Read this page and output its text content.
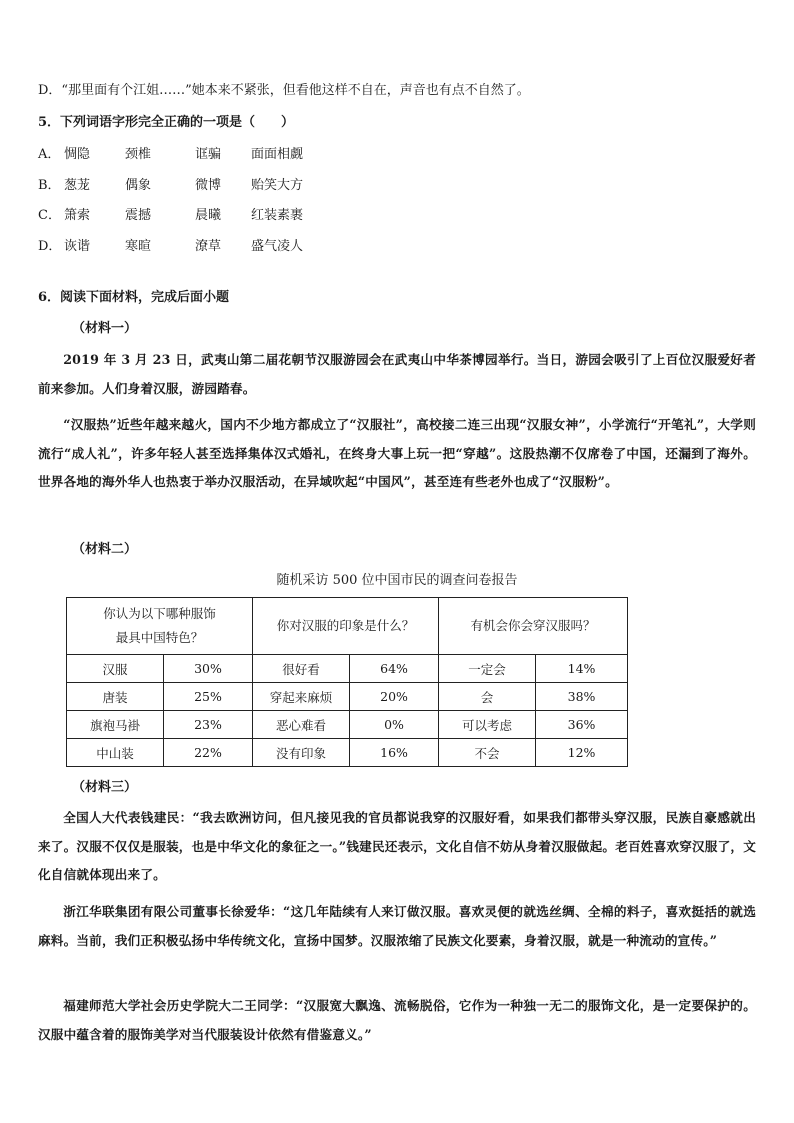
D．“那里面有个江姐……”她本来不紧张，但看他这样不自在，声音也有点不自然了。
5．下列词语字形完全正确的一项是（　　）
A． 惆隐	颈椎	诓骗 面面相觑
B． 葱茏	偶象	微博 贻笑大方
C． 箫索	震撼	晨曦 红装素裹
D． 诙谐	寒暄	潦草 盛气凌人
6．阅读下面材料，完成后面小题
（材料一）
2019 年 3 月 23 日，武夷山第二届花朝节汉服游园会在武夷山中华茶博园举行。当日，游园会吸引了上百位汉服爱好者前来参加。人们身着汉服，游园踏春。
“汉服热”近些年越来越火，国内不少地方都成立了“汉服社”，高校接二连三出现“汉服女神”，小学流行“开笔礼”，大学则流行“成人礼”，许多年轻人甚至选择集体汉式婚礼，在终身大事上玩一把“穿越”。这股热潮不仅席卷了中国，还漏到了海外。世界各地的海外华人也热衷于举办汉服活动，在异域吹起“中国风”，甚至连有些老外也成了“汉服粉”。
（材料二）
随机采访 500 位中国市民的调查问卷报告
你认为以下哪种服饰最具中国特色？		你对汉服的印象是什么？		有机会你会穿汉服吗？	
汉服	30%	很好看	64%	一定会	14%
唐装	25%	穿起来麻烦	20%	会	38%
旗袍马褂	23%	恶心难看	0%	可以考虑	36%
中山装	22%	没有印象	16%	不会	12%
（材料三）
全国人大代表钱建民：“我去欧洲访问，但凡接见我的官员都说我穿的汉服好看，如果我们都带头穿汉服，民族自豪感就出来了。汉服不仅仅是服装，也是中华文化的象征之一。”钱建民还表示，文化自信不妨从身着汉服做起。老百姓喜欢穿汉服了，文化自信就体现出来了。
浙江华联集团有限公司董事长徐爱华：“这几年陆续有人来订做汉服。喜欢灵便的就选丝绸、全棉的料子，喜欢挺括的就选麻料。当前，我们正积极弘扬中华传统文化，宣扬中国梦。汉服浓缩了民族文化要素，身着汉服，就是一种流动的宣传。”
福建师范大学社会历史学院大二王同学：“汉服宽大飘逸、流畅脱俗，它作为一种独一无二的服饰文化，是一定要保护的。汉服中蕴含着的服饰美学对当代服装设计依然有借鉴意义。”
